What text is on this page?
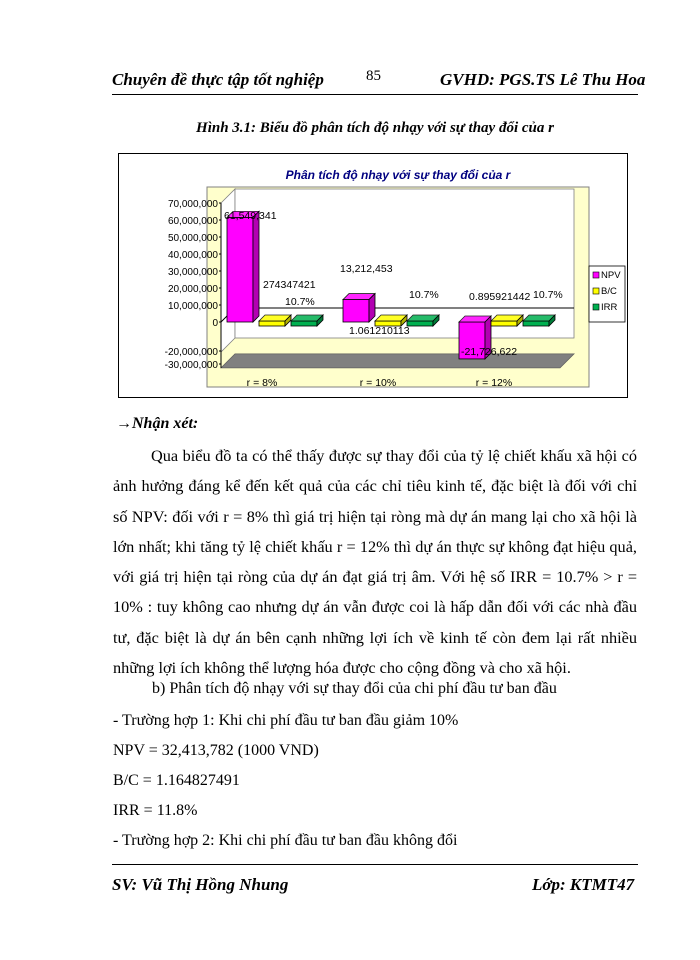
Chuyên đề thực tập tốt nghiệp	85	GVHD: PGS.TS Lê Thu Hoa
Hình 3.1: Biểu đồ phân tích độ nhạy với sự thay đổi của r
Phân tích độ nhạy với sự thay đổi của r
70,000,000
60,000,000
50,000,000
40,000,000
30,000,000
20,000,000
10,000,000
0
-20,000,000
-30,000,000
r = 8%	r = 10%	r = 12%
61,549,341
274347421
10.7%
13,212,453
1.061210113
10.7%
-21,726,622
0.895921442 10.7%
NPV
B/C
IRR
→Nhận xét:
Qua biểu đồ ta có thể thấy được sự thay đổi của tỷ lệ chiết khấu xã hội có ảnh hưởng đáng kể đến kết quả của các chỉ tiêu kinh tế, đặc biệt là đối với chỉ số NPV: đối với r = 8% thì giá trị hiện tại ròng mà dự án mang lại cho xã hội là lớn nhất; khi tăng tỷ lệ chiết khấu r = 12% thì dự án thực sự không đạt hiệu quả, với giá trị hiện tại ròng của dự án đạt giá trị âm. Với hệ số IRR = 10.7% > r = 10% : tuy không cao nhưng dự án vẫn được coi là hấp dẫn đối với các nhà đầu tư, đặc biệt là dự án bên cạnh những lợi ích về kinh tế còn đem lại rất nhiều những lợi ích không thể lượng hóa được cho cộng đồng và cho xã hội.
b) Phân tích độ nhạy với sự thay đổi của chi phí đầu tư ban đầu
- Trường hợp 1: Khi chi phí đầu tư ban đầu giảm 10%
NPV = 32,413,782 (1000 VND)
B/C = 1.164827491
IRR = 11.8%
- Trường hợp 2: Khi chi phí đầu tư ban đầu không đổi
SV: Vũ Thị Hồng Nhung	Lớp: KTMT47
